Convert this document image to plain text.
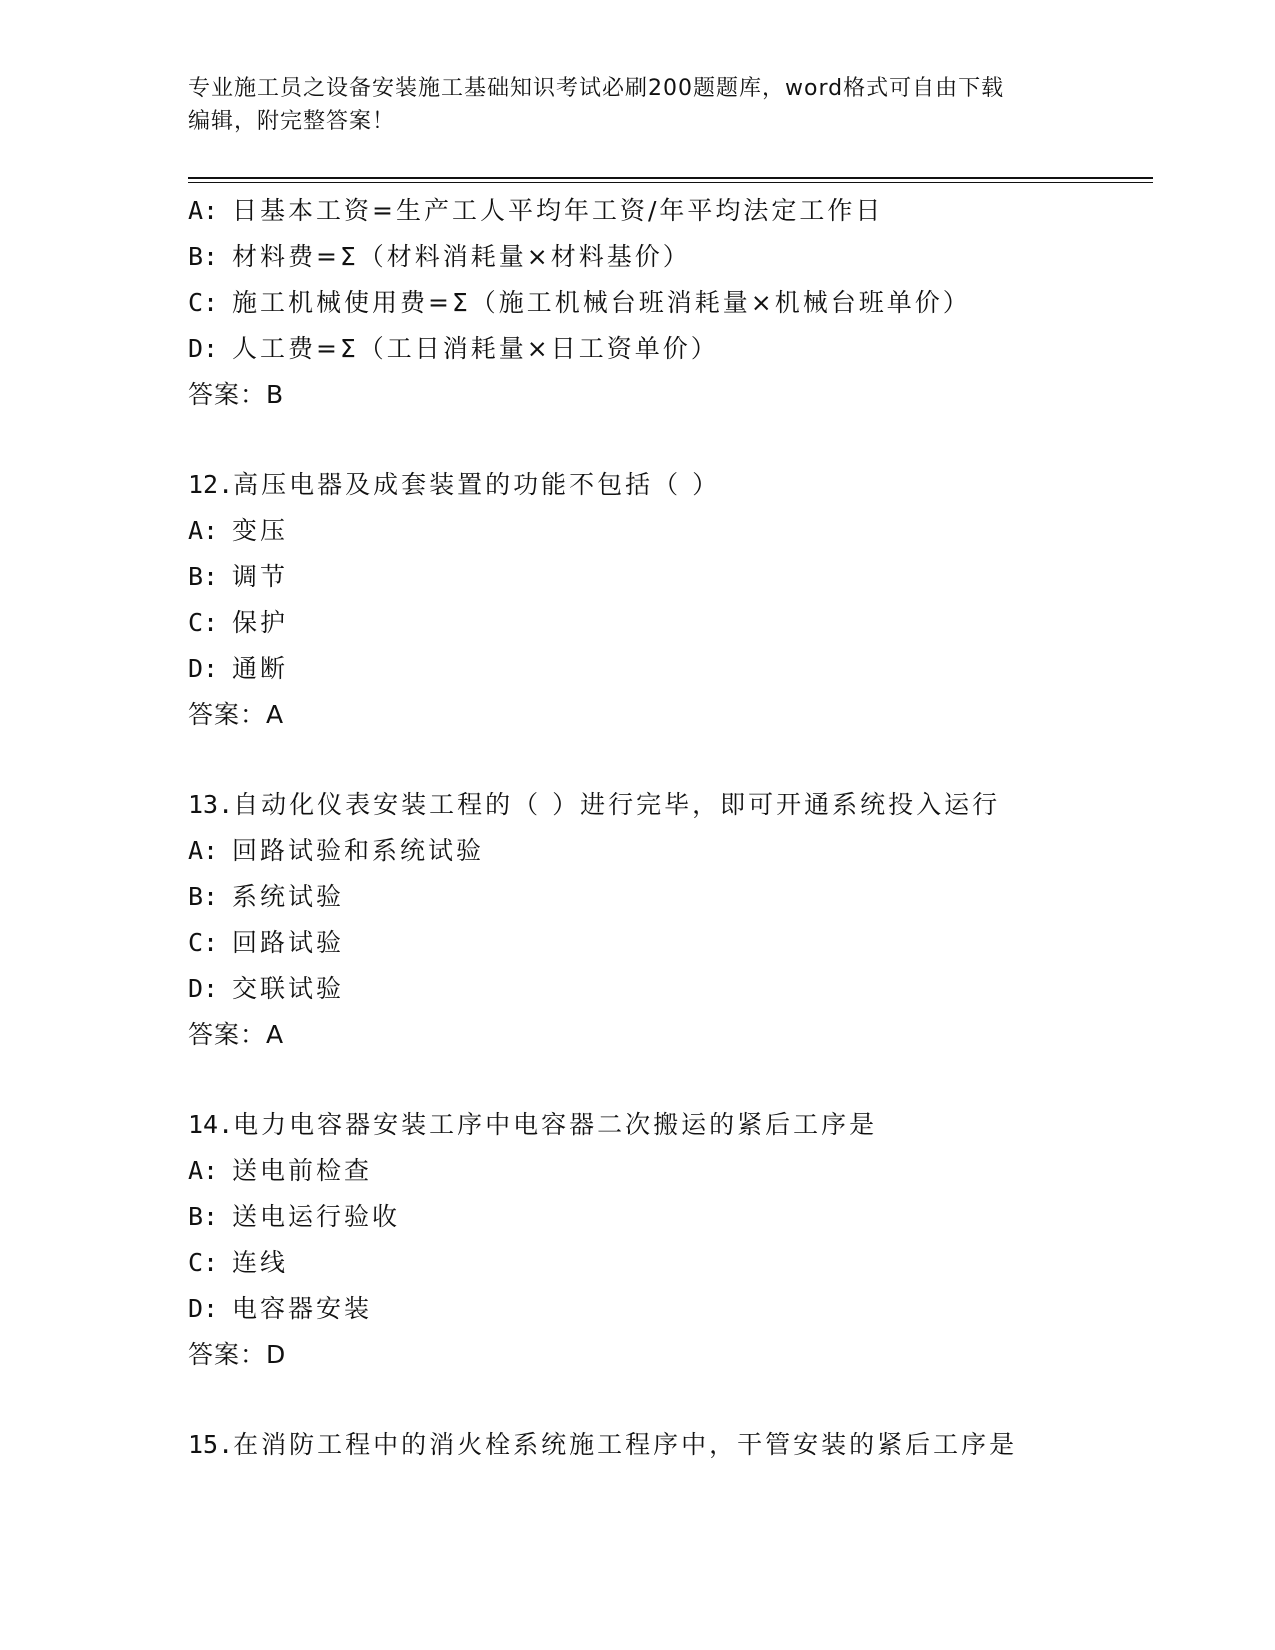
专业施工员之设备安装施工基础知识考试必刷200题题库，word格式可自由下载
编辑，附完整答案！
A: 日基本工资=生产工人平均年工资/年平均法定工作日
B: 材料费=Σ（材料消耗量×材料基价）
C: 施工机械使用费=Σ（施工机械台班消耗量×机械台班单价）
D: 人工费=Σ（工日消耗量×日工资单价）
答案：B
12.高压电器及成套装置的功能不包括（ ）
A: 变压
B: 调节
C: 保护
D: 通断
答案：A
13.自动化仪表安装工程的（ ）进行完毕，即可开通系统投入运行
A: 回路试验和系统试验
B: 系统试验
C: 回路试验
D: 交联试验
答案：A
14.电力电容器安装工序中电容器二次搬运的紧后工序是
A: 送电前检查
B: 送电运行验收
C: 连线
D: 电容器安装
答案：D
15.在消防工程中的消火栓系统施工程序中，干管安装的紧后工序是
